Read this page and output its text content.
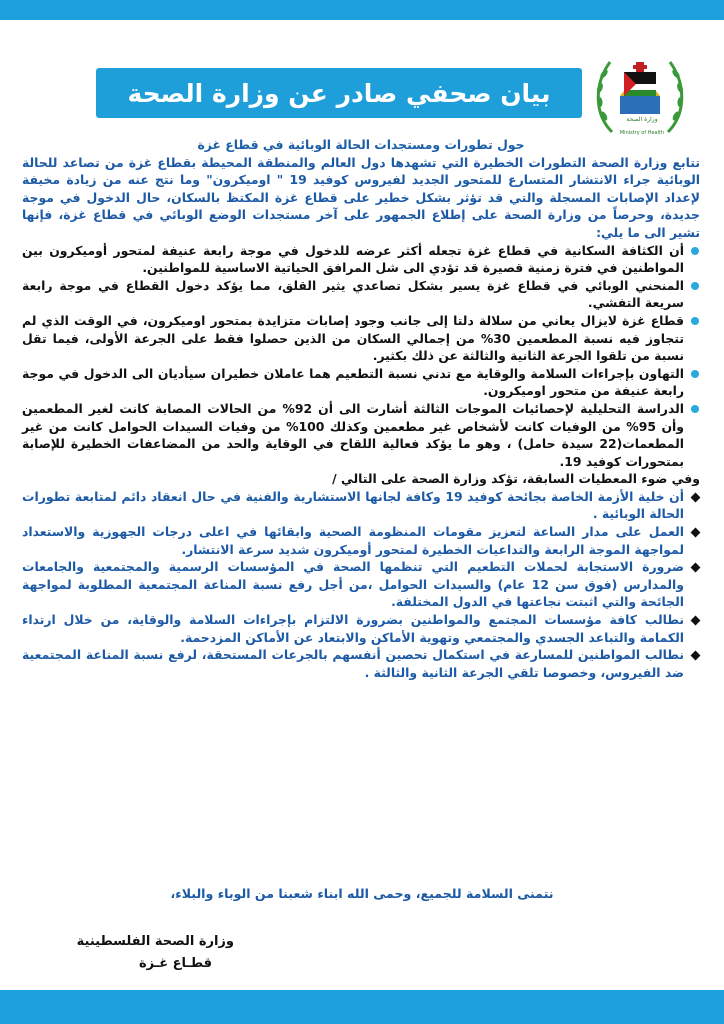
وزارة الصحة
Ministry of Health
بيان صحفي صادر عن وزارة الصحة

حول تطورات ومستجدات الحالة الوبائية في قطاع غزة

تتابع وزارة الصحة التطورات الخطيرة التي تشهدها دول العالم والمنطقة المحيطة بقطاع غزة من تصاعد للحالة الوبائية جراء الانتشار المتسارع للمتحور الجديد لفيروس كوفيد 19 " اوميكرون" وما نتج عنه من زيادة مخيفة لإعداد الإصابات المسجلة والتي قد تؤثر بشكل خطير على قطاع غزة المكتظ بالسكان، حال الدخول في موجة جديدة، وحرصاً من وزارة الصحة على إطلاع الجمهور على آخر مستجدات الوضع الوبائي في قطاع غزة، فإنها تشير الى ما يلي:

أن الكثافة السكانية في قطاع غزة تجعله أكثر عرضه للدخول في موجة رابعة عنيفة لمتحور أوميكرون بين المواطنين في فترة زمنية قصيرة قد تؤدي الى شل المرافق الحياتية الاساسية للمواطنين.

المنحني الوبائي في قطاع غزة يسير بشكل تصاعدي يثير القلق، مما يؤكد دخول القطاع في موجة رابعة سريعة التفشي.

قطاع غزة لايزال يعاني من سلالة دلتا إلى جانب وجود إصابات متزايدة بمتحور اوميكرون، في الوقت الذي لم تتجاوز فيه نسبة المطعمين 30% من إجمالي السكان من الذين حصلوا فقط على الجرعة الأولى، فيما تقل نسبة من تلقوا الجرعة الثانية والثالثة عن ذلك بكثير.

التهاون بإجراءات السلامة والوقاية مع تدني نسبة التطعيم هما عاملان خطيران سيأديان الى الدخول في موجة رابعة عنيفة من متحور اوميكرون.

الدراسة التحليلية لإحصائيات الموجات الثالثة أشارت الى أن 92% من الحالات المصابة كانت لغير المطعمين وأن 95% من الوفيات كانت لأشخاص غير مطعمين وكذلك 100% من وفيات السيدات الحوامل كانت من غير المطعمات(22 سيدة حامل) ، وهو ما يؤكد فعالية اللقاح في الوقاية والحد من المضاعفات الخطيرة للإصابة بمتحورات كوفيد 19.

وفي ضوء المعطيات السابقة، تؤكد وزارة الصحة على التالي /

أن خلية الأزمة الخاصة بجائحة كوفيد 19 وكافة لجانها الاستشارية والفنية في حال انعقاد دائم لمتابعة تطورات الحالة الوبائية .

العمل على مدار الساعة لتعزيز مقومات المنظومة الصحية وابقائها في اعلى درجات الجهوزية والاستعداد لمواجهة الموجة الرابعة والتداعيات الخطيرة لمتحور أوميكرون شديد سرعة الانتشار.

ضرورة الاستجابة لحملات التطعيم التي تنظمها الصحة في المؤسسات الرسمية والمجتمعية والجامعات والمدارس (فوق سن 12 عام) والسيدات الحوامل ،من أجل رفع نسبة المناعة المجتمعية المطلوبة لمواجهة الجائحة والتي اثبتت نجاعتها في الدول المختلفة.

نطالب كافة مؤسسات المجتمع والمواطنين بضرورة الالتزام بإجراءات السلامة والوقاية، من خلال ارتداء الكمامة والتباعد الجسدي والمجتمعي وتهوية الأماكن والابتعاد عن الأماكن المزدحمة.

نطالب المواطنين للمسارعة في استكمال تحصين أنفسهم بالجرعات المستحقة، لرفع نسبة المناعة المجتمعية ضد الفيروس، وخصوصا تلقي الجرعة الثانية والثالثة .

نتمنى السلامة للجميع، وحمى الله ابناء شعبنا من الوباء والبلاء،
وزارة الصحة الفلسطينية
قطـاع غـزة
